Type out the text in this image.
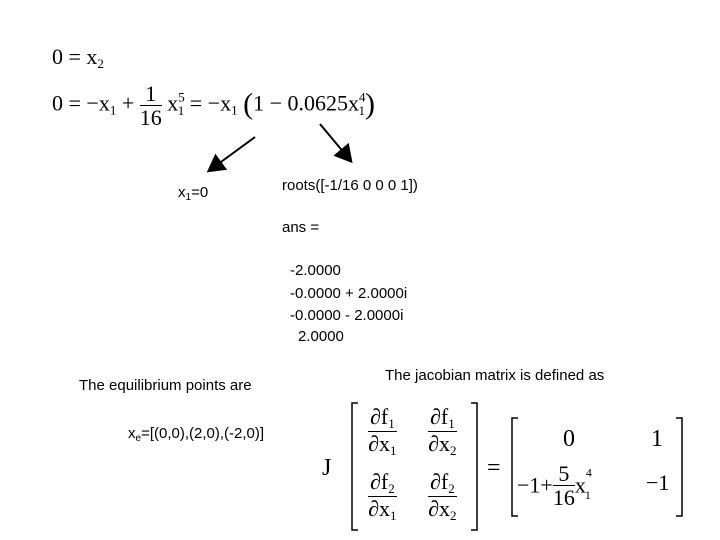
$0 = x_2$
$0 = -x_1 + \frac{1}{16} x^5_1 = -x_1$ $(1 - 0.0625x^4_1)$
$x_1=0$	roots([-1/16 0 0 0 1])
ans =
-2.0000
-0.0000 + 2.0000i
-0.0000 - 2.0000i
2.0000
The equilibrium points are
$x_e=[(0,0),(2,0),(-2,0)]$
The jacobian matrix is defined as
J
$\frac{\partial f_1}{\partial x_1} \frac{\partial f_1}{\partial x_2}$
$\frac{\partial f_2}{\partial x_1} \frac{\partial f_2}{\partial x_2}$
=
0	1
$-1+ \frac{5}{16} x^4_1$	−1
